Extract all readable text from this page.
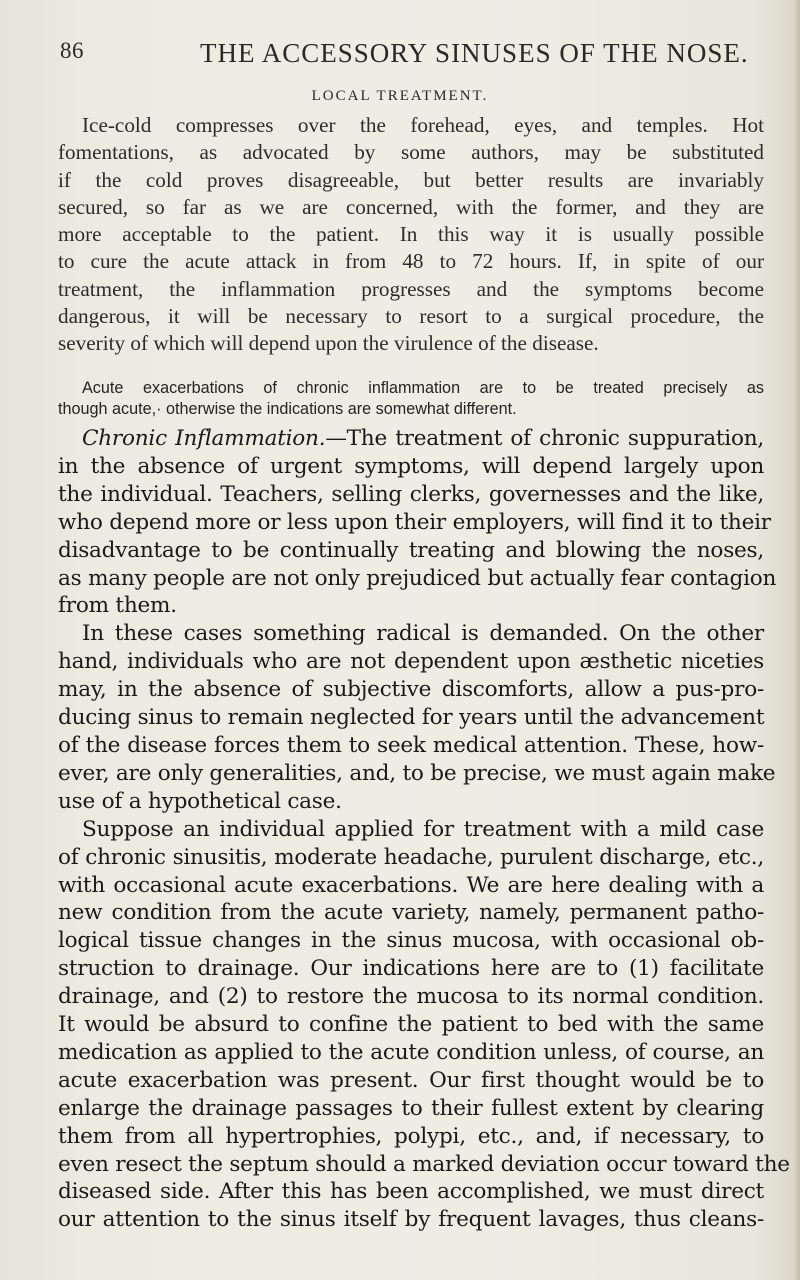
86	THE ACCESSORY SINUSES OF THE NOSE.
LOCAL TREATMENT.
Ice-cold compresses over the forehead, eyes, and temples. Hot
fomentations, as advocated by some authors, may be substituted
if the cold proves disagreeable, but better results are invariably
secured, so far as we are concerned, with the former, and they are
more acceptable to the patient. In this way it is usually possible
to cure the acute attack in from 48 to 72 hours. If, in spite of our
treatment, the inflammation progresses and the symptoms become
dangerous, it will be necessary to resort to a surgical procedure, the
severity of which will depend upon the virulence of the disease.
Acute exacerbations of chronic inflammation are to be treated precisely as
though acute,· otherwise the indications are somewhat different.
Chronic Inflammation.—The treatment of chronic suppuration,
in the absence of urgent symptoms, will depend largely upon
the individual. Teachers, selling clerks, governesses and the like,
who depend more or less upon their employers, will find it to their
disadvantage to be continually treating and blowing the noses,
as many people are not only prejudiced but actually fear contagion
from them.
In these cases something radical is demanded. On the other
hand, individuals who are not dependent upon æsthetic niceties
may, in the absence of subjective discomforts, allow a pus-pro-
ducing sinus to remain neglected for years until the advancement
of the disease forces them to seek medical attention. These, how-
ever, are only generalities, and, to be precise, we must again make
use of a hypothetical case.
Suppose an individual applied for treatment with a mild case
of chronic sinusitis, moderate headache, purulent discharge, etc.,
with occasional acute exacerbations. We are here dealing with a
new condition from the acute variety, namely, permanent patho-
logical tissue changes in the sinus mucosa, with occasional ob-
struction to drainage. Our indications here are to (1) facilitate
drainage, and (2) to restore the mucosa to its normal condition.
It would be absurd to confine the patient to bed with the same
medication as applied to the acute condition unless, of course, an
acute exacerbation was present. Our first thought would be to
enlarge the drainage passages to their fullest extent by clearing
them from all hypertrophies, polypi, etc., and, if necessary, to
even resect the septum should a marked deviation occur toward the
diseased side. After this has been accomplished, we must direct
our attention to the sinus itself by frequent lavages, thus cleans-
